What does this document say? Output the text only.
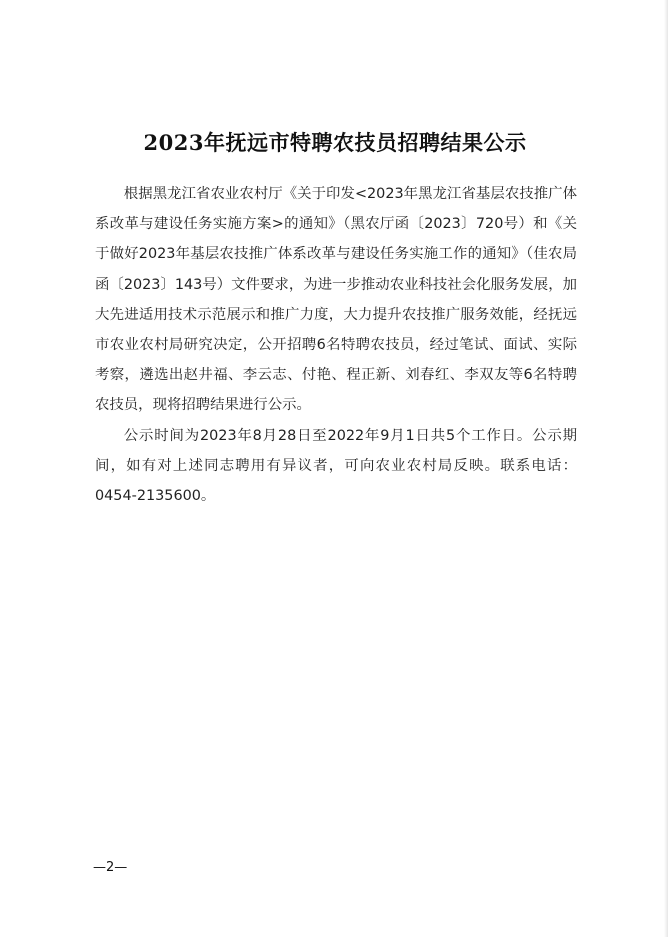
2023年抚远市特聘农技员招聘结果公示

根据黑龙江省农业农村厅《关于印发<2023年黑龙江省基层农技推广体系改革与建设任务实施方案>的通知》（黑农厅函〔2023〕720号）和《关于做好2023年基层农技推广体系改革与建设任务实施工作的通知》（佳农局函〔2023〕143号）文件要求，为进一步推动农业科技社会化服务发展，加大先进适用技术示范展示和推广力度，大力提升农技推广服务效能，经抚远市农业农村局研究决定，公开招聘6名特聘农技员，经过笔试、面试、实际考察，遴选出赵井福、李云志、付艳、程正新、刘春红、李双友等6名特聘农技员，现将招聘结果进行公示。

公示时间为2023年8月28日至2022年9月1日共5个工作日。公示期间，如有对上述同志聘用有异议者，可向农业农村局反映。联系电话：0454-2135600。

—2—
